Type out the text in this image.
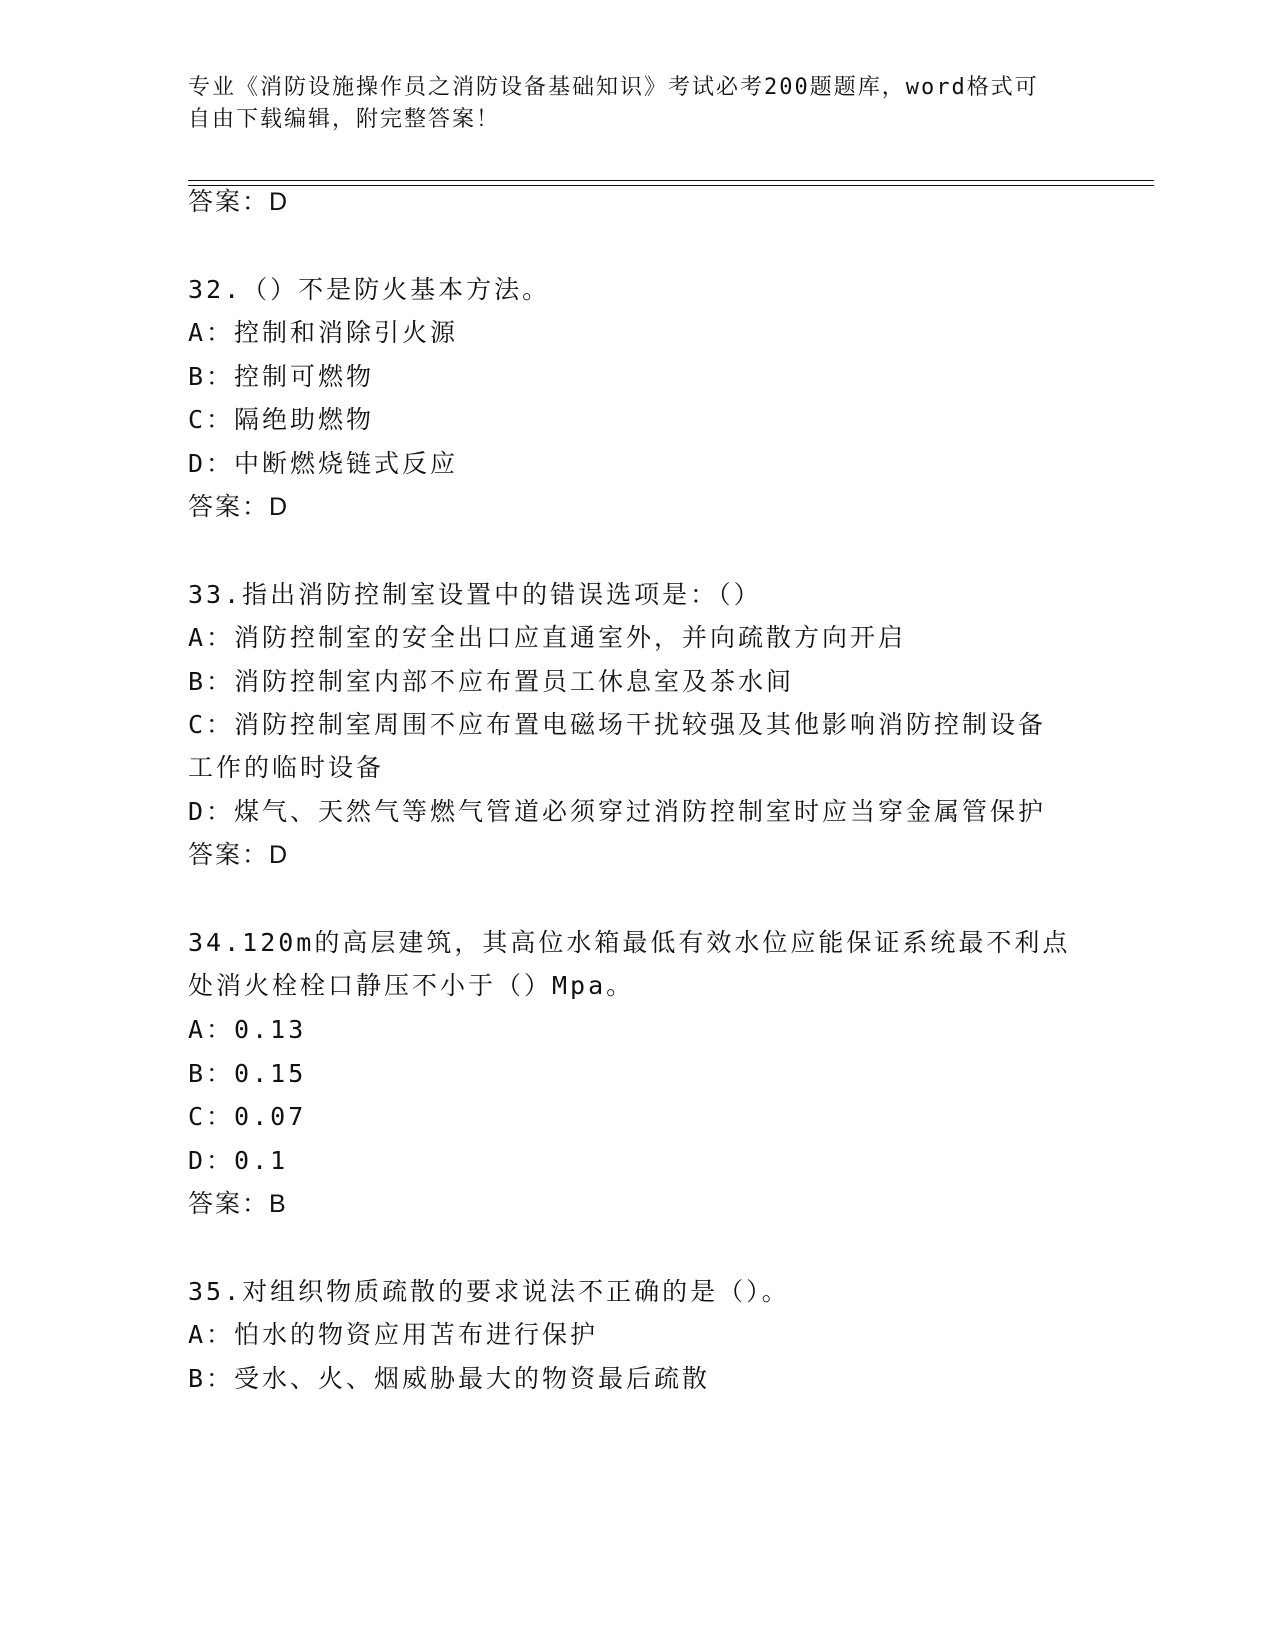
专业《消防设施操作员之消防设备基础知识》考试必考200题题库，word格式可

自由下载编辑，附完整答案！

答案：D
32.（）不是防火基本方法。
A：控制和消除引火源
B：控制可燃物
C：隔绝助燃物
D：中断燃烧链式反应
答案：D
33.指出消防控制室设置中的错误选项是：（）
A：消防控制室的安全出口应直通室外，并向疏散方向开启
B：消防控制室内部不应布置员工休息室及茶水间
C：消防控制室周围不应布置电磁场干扰较强及其他影响消防控制设备
工作的临时设备
D：煤气、天然气等燃气管道必须穿过消防控制室时应当穿金属管保护
答案：D
34.120m的高层建筑，其高位水箱最低有效水位应能保证系统最不利点
处消火栓栓口静压不小于（）Mpa。
A：0.13
B：0.15
C：0.07
D：0.1
答案：B
35.对组织物质疏散的要求说法不正确的是（）。
A：怕水的物资应用苫布进行保护
B：受水、火、烟威胁最大的物资最后疏散
